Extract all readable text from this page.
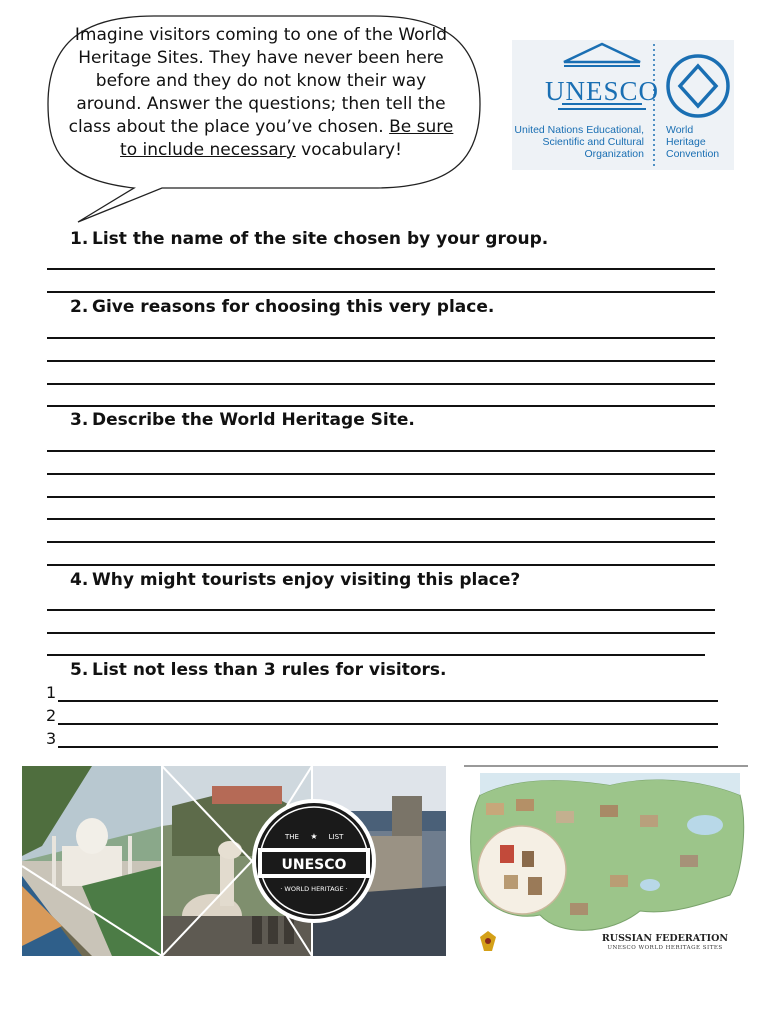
Imagine visitors coming to one of the World Heritage Sites. They have never been here before and they do not know their way around. Answer the questions; then tell the class about the place you’ve chosen. Be sure to include necessary vocabulary!
UNESCO
United Nations Educational, Scientific and Cultural Organization
World Heritage Convention
1. List the name of the site chosen by your group.
2. Give reasons for choosing this very place.
3. Describe the World Heritage Site.
4. Why might tourists enjoy visiting this place?
5. List not less than 3 rules for visitors.
1
2
3
THE ★ LIST
UNESCO
· WORLD HERITAGE ·
RUSSIAN FEDERATION
UNESCO WORLD HERITAGE SITES
